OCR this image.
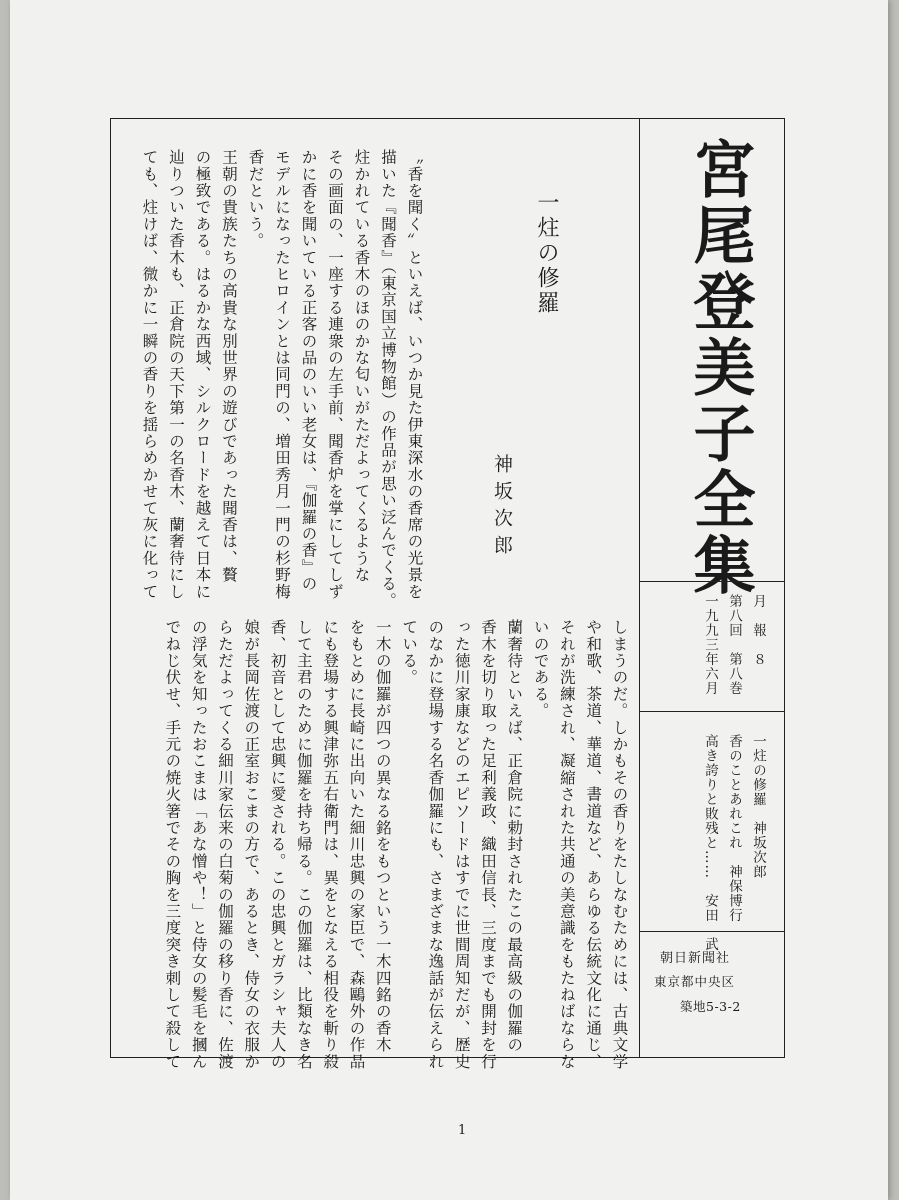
〝香を聞く〟といえば、いつか見た伊東深水の香席の光景を
描いた『聞香』（東京国立博物館）の作品が思い泛んでくる。
炷かれている香木のほのかな匂いがただよってくるような
その画面の、一座する連衆の左手前、聞香炉を掌にしてしず
かに香を聞いている正客の品のいい老女は、『伽羅の香』の
モデルになったヒロインとは同門の、増田秀月一門の杉野梅
香だという。
王朝の貴族たちの高貴な別世界の遊びであった聞香は、贅
の極致である。はるかな西域、シルクロードを越えて日本に
辿りついた香木も、正倉院の天下第一の名香木、蘭奢待にし
ても、炷けば、微かに一瞬の香りを揺らめかせて灰に化って	一炷の修羅
神坂次郎
しまうのだ。しかもその香りをたしなむためには、古典文学
や和歌、茶道、華道、書道など、あらゆる伝統文化に通じ、
それが洗練され、凝縮された共通の美意識をもたねばならな
いのである。
蘭奢待といえば、正倉院に勅封されたこの最高級の伽羅の
香木を切り取った足利義政、織田信長、三度までも開封を行
った徳川家康などのエピソードはすでに世間周知だが、歴史
のなかに登場する名香伽羅にも、さまざまな逸話が伝えられ
ている。
一木の伽羅が四つの異なる銘をもつという一木四銘の香木
をもとめに長崎に出向いた細川忠興の家臣で、森鷗外の作品
にも登場する興津弥五右衛門は、異をとなえる相役を斬り殺
して主君のために伽羅を持ち帰る。この伽羅は、比類なき名
香、初音として忠興に愛される。この忠興とガラシャ夫人の
娘が長岡佐渡の正室おこまの方で、あるとき、侍女の衣服か
らただよってくる細川家伝来の白菊の伽羅の移り香に、佐渡
の浮気を知ったおこまは「あな憎や！」と侍女の髪毛を摑ん
でねじ伏せ、手元の焼火箸でその胸を三度突き刺して殺して
宮尾登美子全集
月　報　８
第八回　第八巻
一九九三年六月
一炷の修羅　神坂次郎
香のことあれこれ　神保博行
高き誇りと敗残と……　安田　武
朝日新聞社
東京都中央区
築地5-3-2
1
